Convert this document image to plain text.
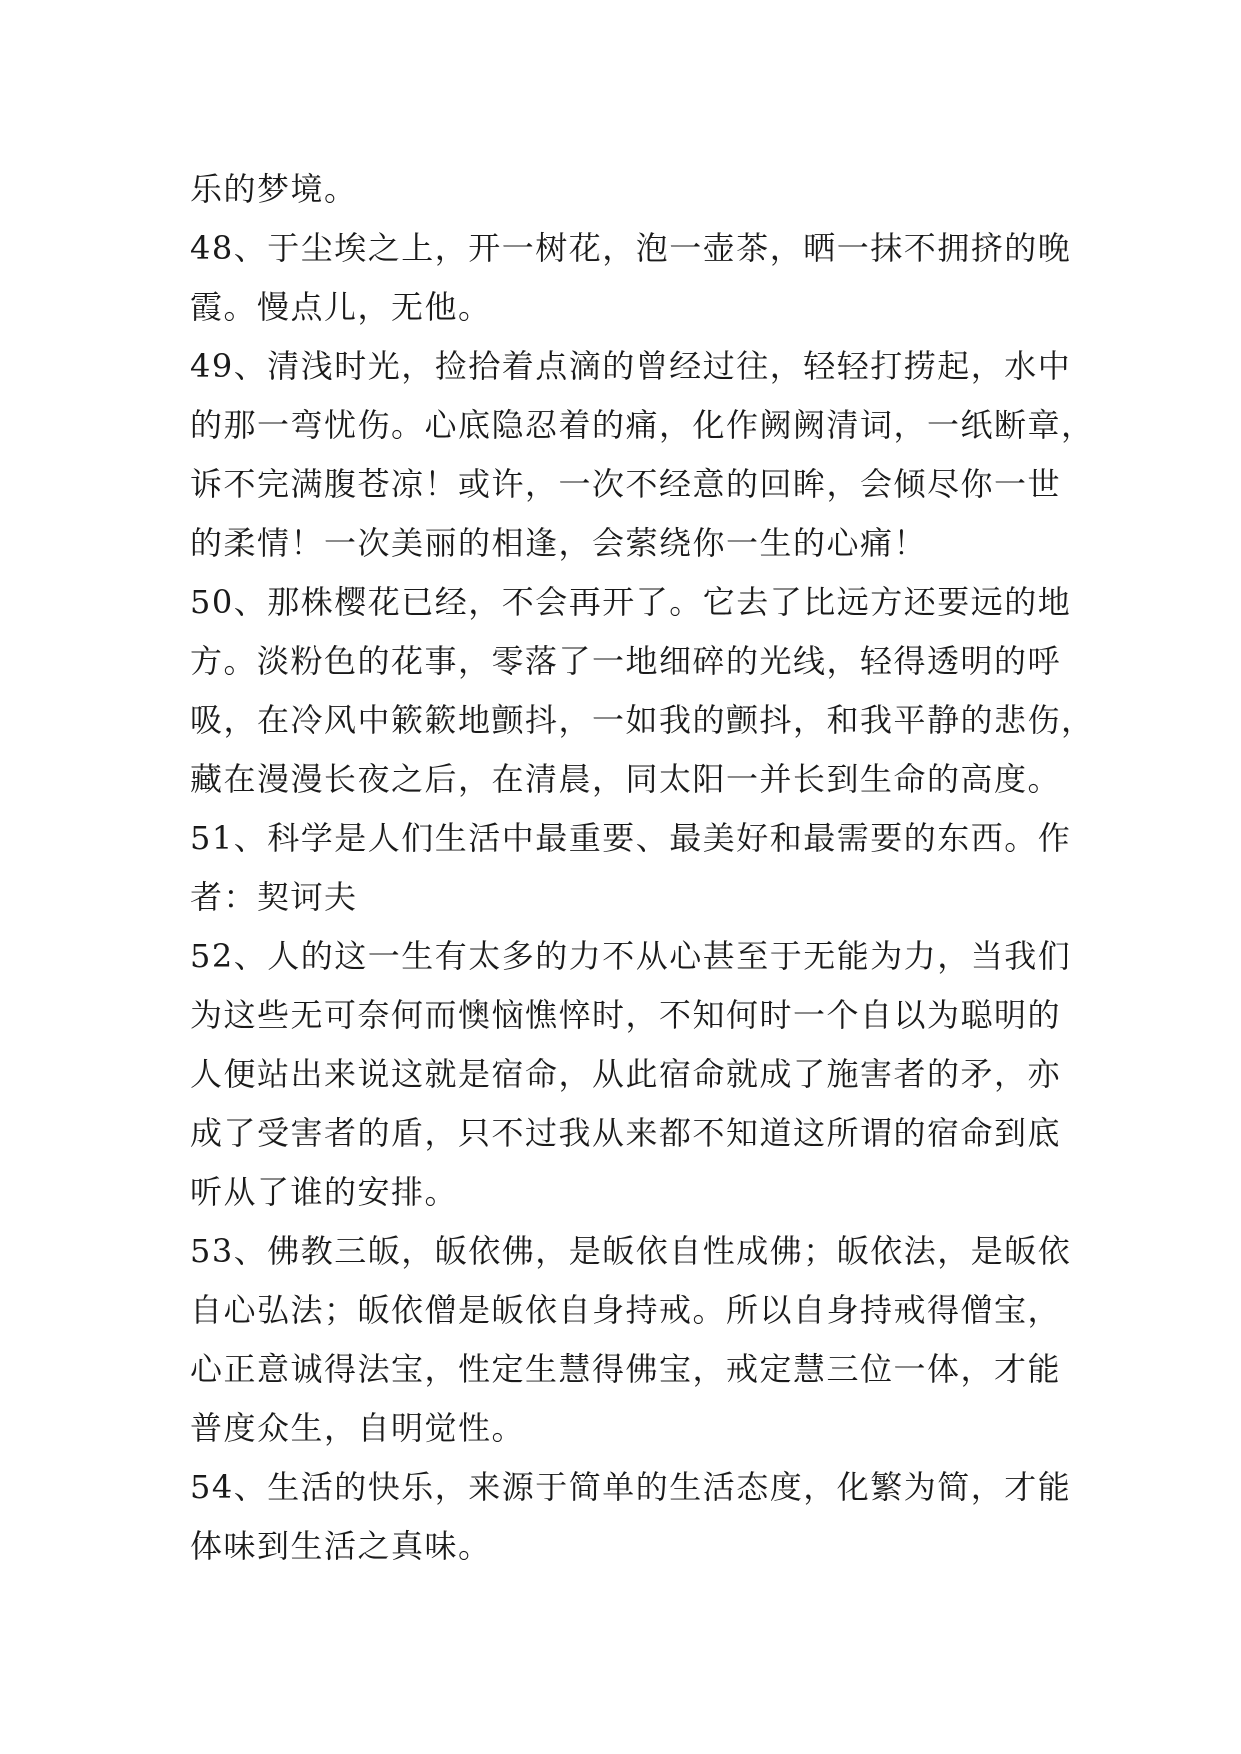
乐的梦境。
48、于尘埃之上，开一树花，泡一壶茶，晒一抹不拥挤的晚
霞。慢点儿，无他。
49、清浅时光，捡拾着点滴的曾经过往，轻轻打捞起，水中
的那一弯忧伤。心底隐忍着的痛，化作阙阙清词，一纸断章，
诉不完满腹苍凉！或许，一次不经意的回眸，会倾尽你一世
的柔情！一次美丽的相逢，会萦绕你一生的心痛！
50、那株樱花已经，不会再开了。它去了比远方还要远的地
方。淡粉色的花事，零落了一地细碎的光线，轻得透明的呼
吸，在冷风中簌簌地颤抖，一如我的颤抖，和我平静的悲伤，
藏在漫漫长夜之后，在清晨，同太阳一并长到生命的高度。
51、科学是人们生活中最重要、最美好和最需要的东西。作
者：契诃夫
52、人的这一生有太多的力不从心甚至于无能为力，当我们
为这些无可奈何而懊恼憔悴时，不知何时一个自以为聪明的
人便站出来说这就是宿命，从此宿命就成了施害者的矛，亦
成了受害者的盾，只不过我从来都不知道这所谓的宿命到底
听从了谁的安排。
53、佛教三皈，皈依佛，是皈依自性成佛；皈依法，是皈依
自心弘法；皈依僧是皈依自身持戒。所以自身持戒得僧宝，
心正意诚得法宝，性定生慧得佛宝，戒定慧三位一体，才能
普度众生，自明觉性。
54、生活的快乐，来源于简单的生活态度，化繁为简，才能
体味到生活之真味。
